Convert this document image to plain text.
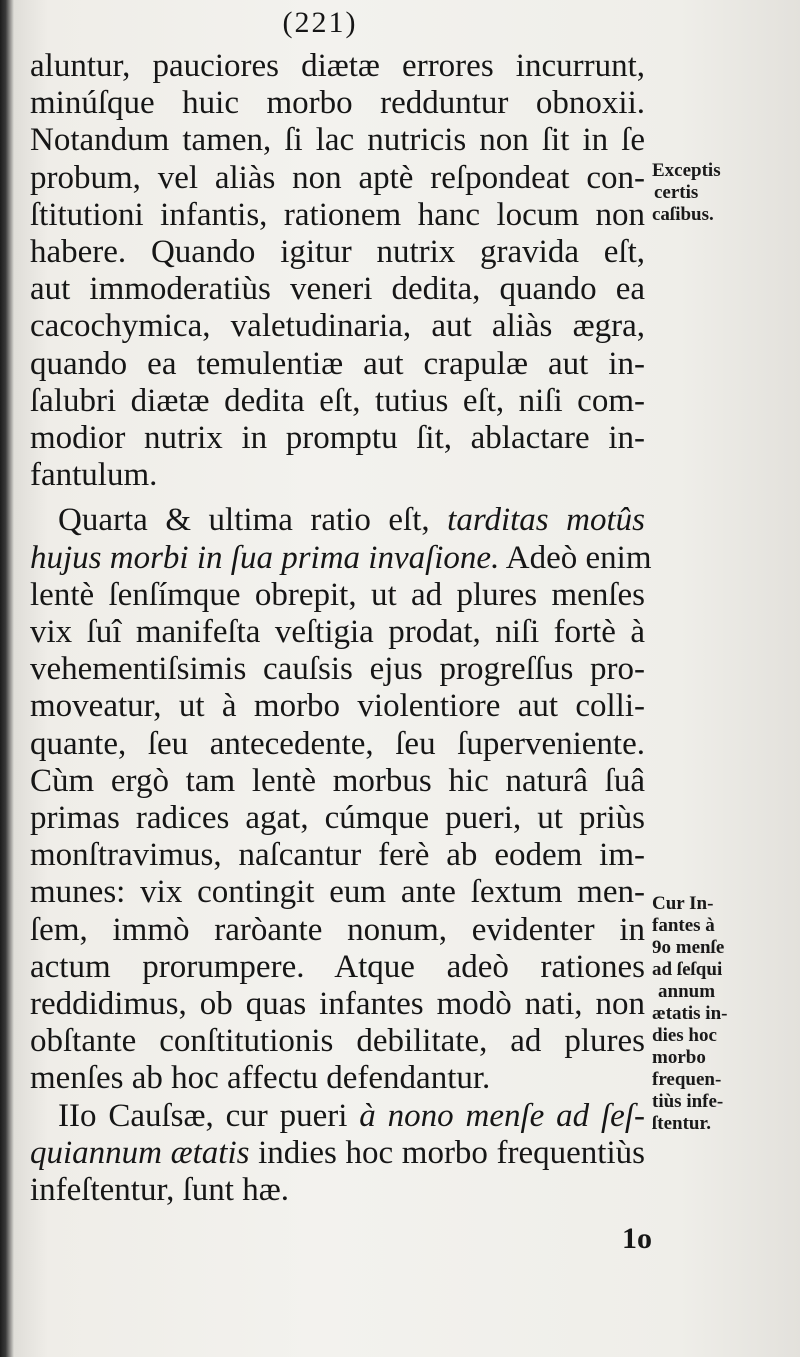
(221)
aluntur, pauciores diætæ errores incurrunt,
minúſque huic morbo redduntur obnoxii.
Notandum tamen, ſi lac nutricis non ſit in ſe
probum, vel aliàs non aptè reſpondeat con-
ſtitutioni infantis, rationem hanc locum non
habere. Quando igitur nutrix gravida eſt,
aut immoderatiùs veneri dedita, quando ea
cacochymica, valetudinaria, aut aliàs ægra,
quando ea temulentiæ aut crapulæ aut in-
ſalubri diætæ dedita eſt, tutius eſt, niſi com-
modior nutrix in promptu ſit, ablactare in-
fantulum.
Quarta & ultima ratio eſt, tarditas motûs
hujus morbi in ſua prima invaſione. Adeò enim
lentè ſenſímque obrepit, ut ad plures menſes
vix ſuî manifeſta veſtigia prodat, niſi fortè à
vehementiſsimis cauſsis ejus progreſſus pro-
moveatur, ut à morbo violentiore aut colli-
quante, ſeu antecedente, ſeu ſuperveniente.
Cùm ergò tam lentè morbus hic naturâ ſuâ
primas radices agat, cúmque pueri, ut priùs
monſtravimus, naſcantur ferè ab eodem im-
munes: vix contingit eum ante ſextum men-
ſem, immò raròante nonum, evidenter in
actum prorumpere. Atque adeò rationes
reddidimus, ob quas infantes modò nati, non
obſtante conſtitutionis debilitate, ad plures
menſes ab hoc affectu defendantur.
IIo Cauſsæ, cur pueri à nono menſe ad ſeſ-
quiannum ætatis indies hoc morbo frequentiùs
infeſtentur, ſunt hæ.
Exceptis
certis
caſibus.
Cur In-
fantes à
9o menſe
ad ſeſqui
annum
ætatis in-
dies hoc
morbo
frequen-
tiùs infe-
ſtentur.
1o
